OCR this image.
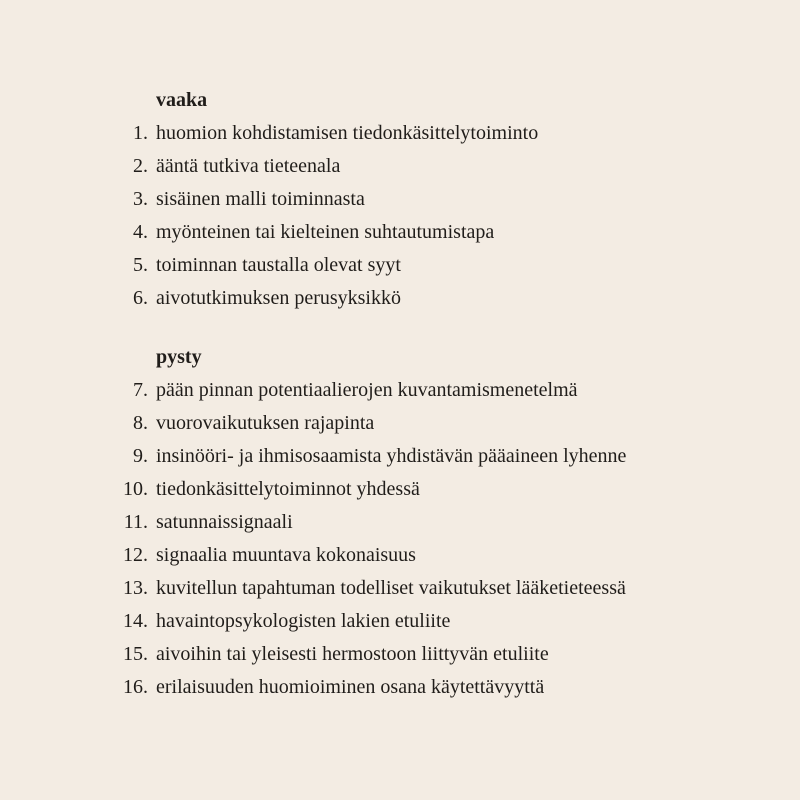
vaaka
1. huomion kohdistamisen tiedonkäsittelytoiminto
2. ääntä tutkiva tieteenala
3. sisäinen malli toiminnasta
4. myönteinen tai kielteinen suhtautumistapa
5. toiminnan taustalla olevat syyt
6. aivotutkimuksen perusyksikkö
pysty
7. pään pinnan potentiaalierojen kuvantamismenetelmä
8. vuorovaikutuksen rajapinta
9. insinööri- ja ihmisosaamista yhdistävän pääaineen lyhenne
10. tiedonkäsittelytoiminnot yhdessä
11. satunnaissignaali
12. signaalia muuntava kokonaisuus
13. kuvitellun tapahtuman todelliset vaikutukset lääketieteessä
14. havaintopsykologisten lakien etuliite
15. aivoihin tai yleisesti hermostoon liittyvän etuliite
16. erilaisuuden huomioiminen osana käytettävyyttä
